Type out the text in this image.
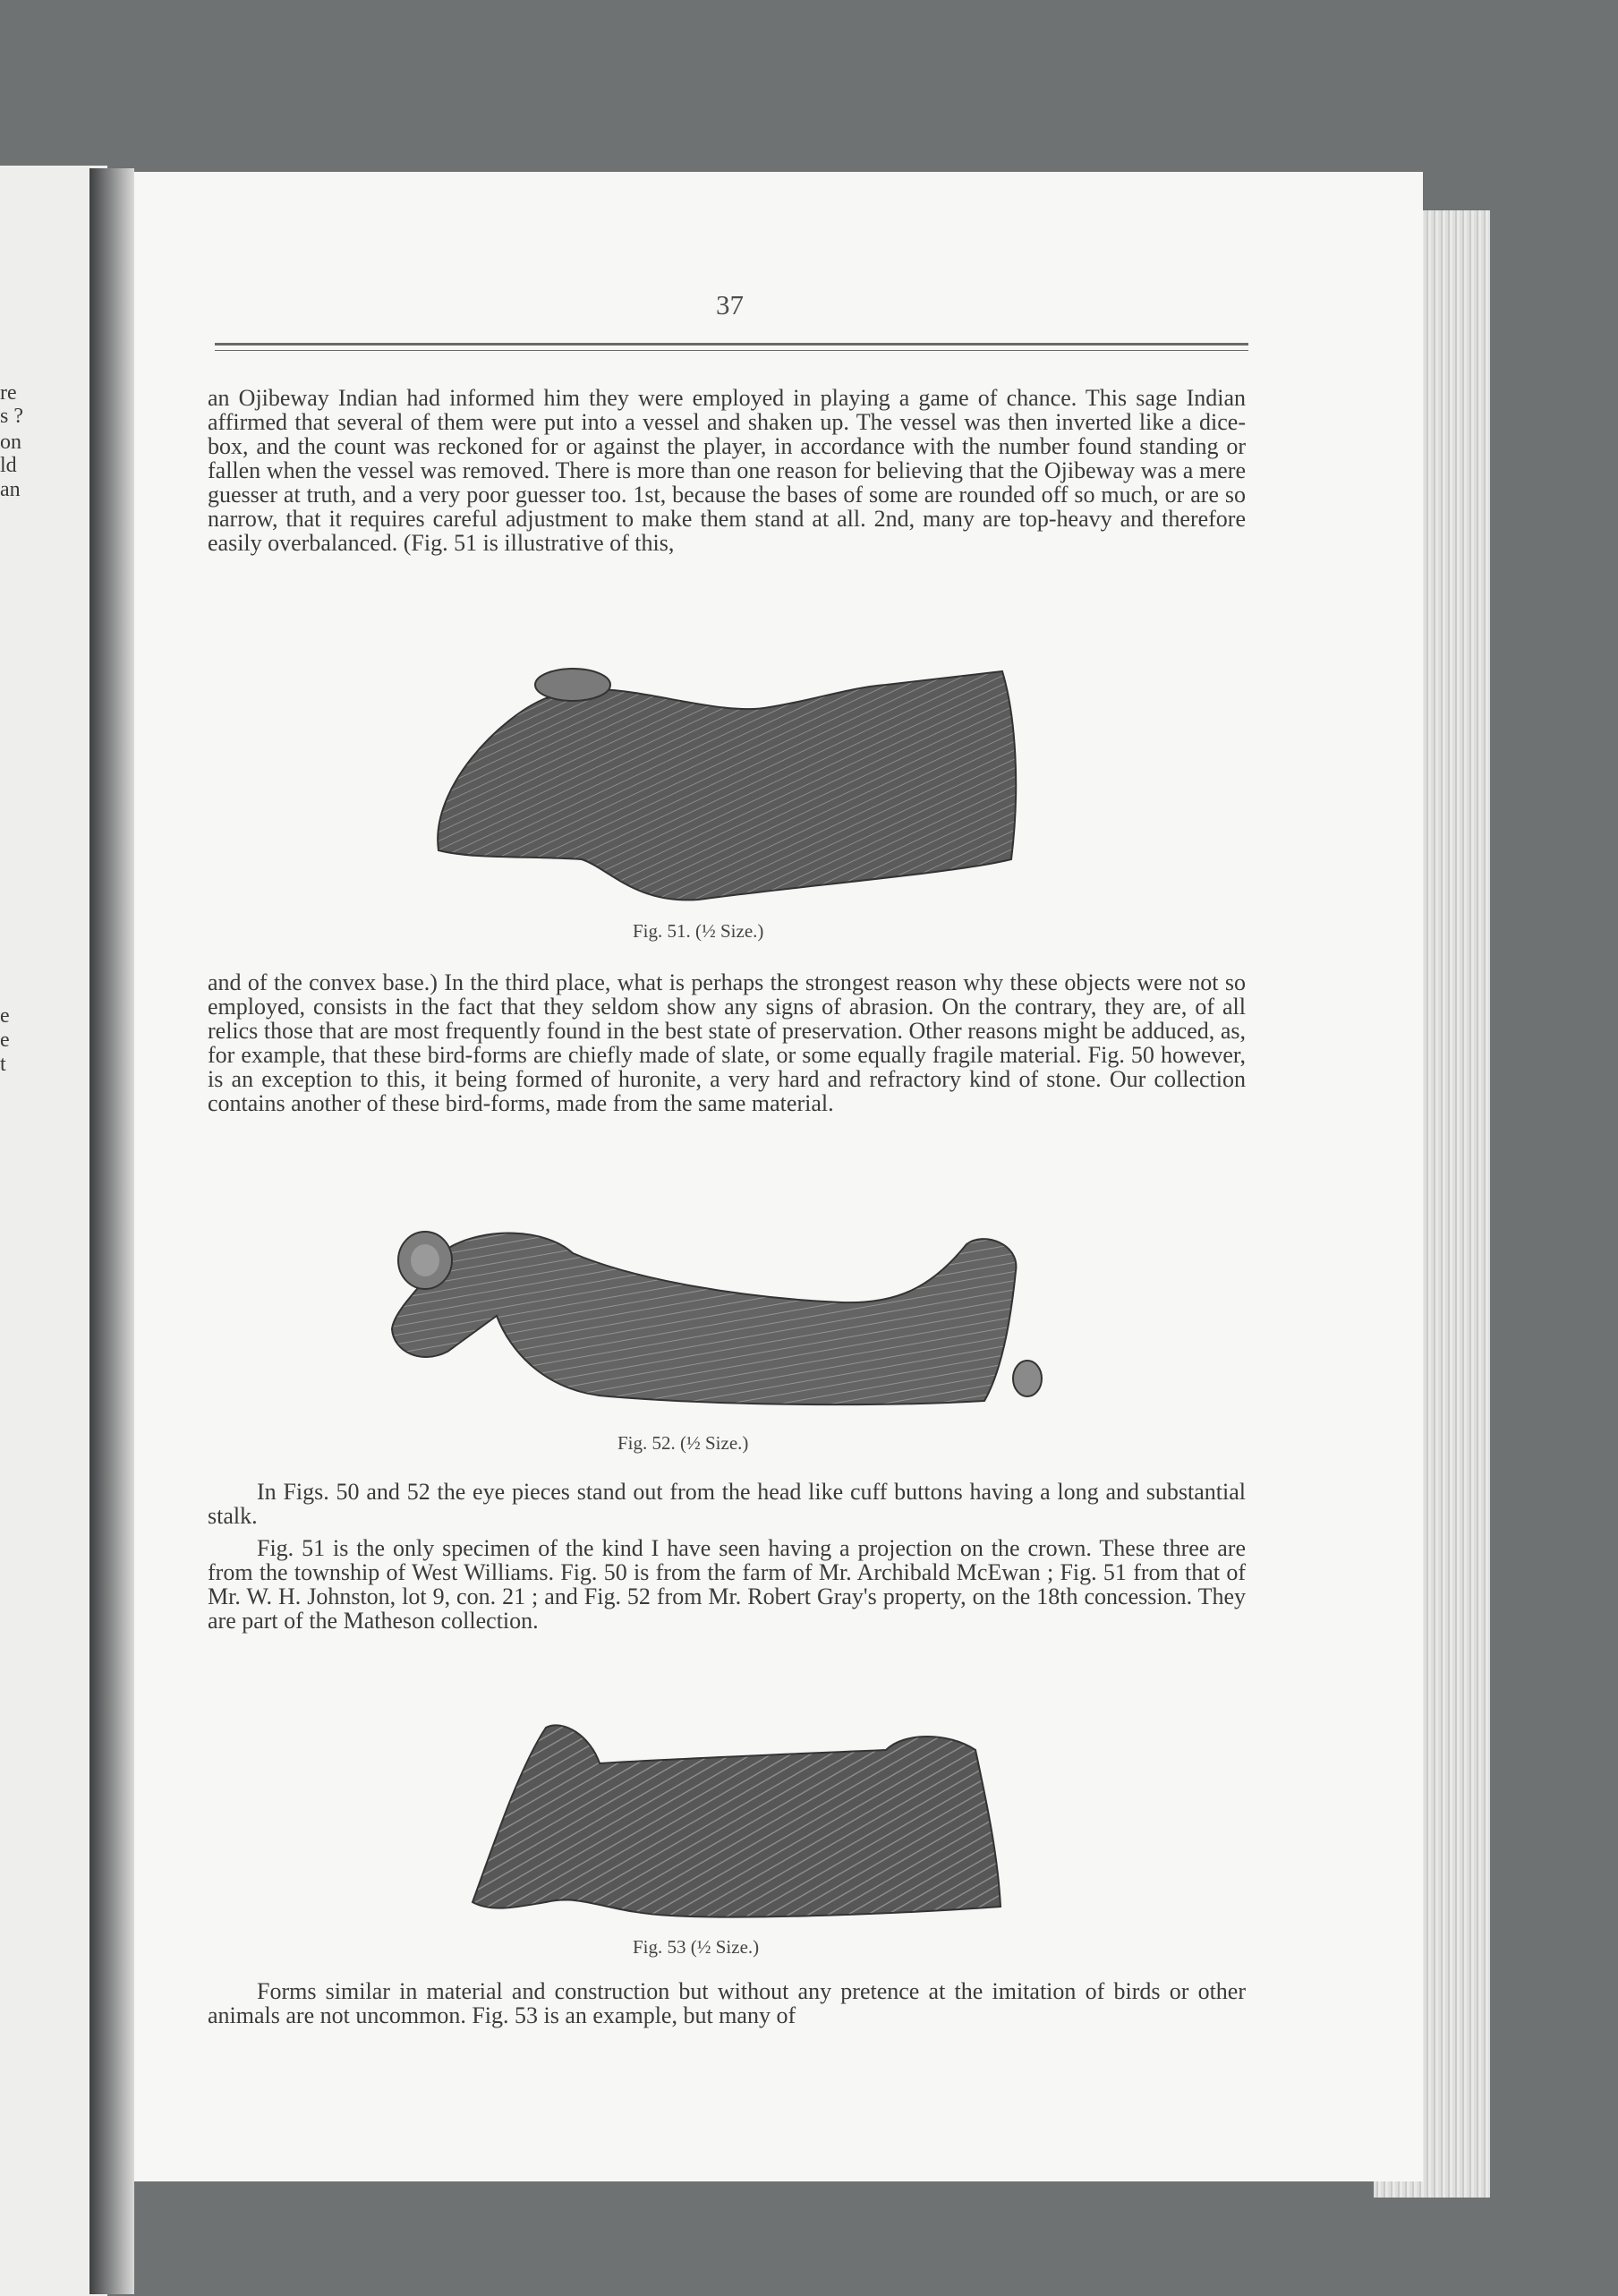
re
s ?
on
ld
an
e
e
t
37

an Ojibeway Indian had informed him they were employed in playing a game of chance. This sage Indian affirmed that several of them were put into a vessel and shaken up. The vessel was then inverted like a dice-box, and the count was reckoned for or against the player, in accordance with the number found standing or fallen when the vessel was removed. There is more than one reason for believing that the Ojibeway was a mere guesser at truth, and a very poor guesser too. 1st, because the bases of some are rounded off so much, or are so narrow, that it requires careful adjustment to make them stand at all. 2nd, many are top-heavy and therefore easily overbalanced. (Fig. 51 is illustrative of this,

Fig. 51. (½ Size.)

and of the convex base.) In the third place, what is perhaps the strongest reason why these objects were not so employed, consists in the fact that they seldom show any signs of abrasion. On the contrary, they are, of all relics those that are most frequently found in the best state of preservation. Other reasons might be adduced, as, for example, that these bird-forms are chiefly made of slate, or some equally fragile material. Fig. 50 however, is an exception to this, it being formed of huronite, a very hard and refractory kind of stone. Our collection contains another of these bird-forms, made from the same material.

Fig. 52. (½ Size.)

In Figs. 50 and 52 the eye pieces stand out from the head like cuff buttons having a long and substantial stalk.

Fig. 51 is the only specimen of the kind I have seen having a projection on the crown. These three are from the township of West Williams. Fig. 50 is from the farm of Mr. Archibald McEwan ; Fig. 51 from that of Mr. W. H. Johnston, lot 9, con. 21 ; and Fig. 52 from Mr. Robert Gray's property, on the 18th concession. They are part of the Matheson collection.

Fig. 53 (½ Size.)

Forms similar in material and construction but without any pretence at the imitation of birds or other animals are not uncommon. Fig. 53 is an example, but many of
